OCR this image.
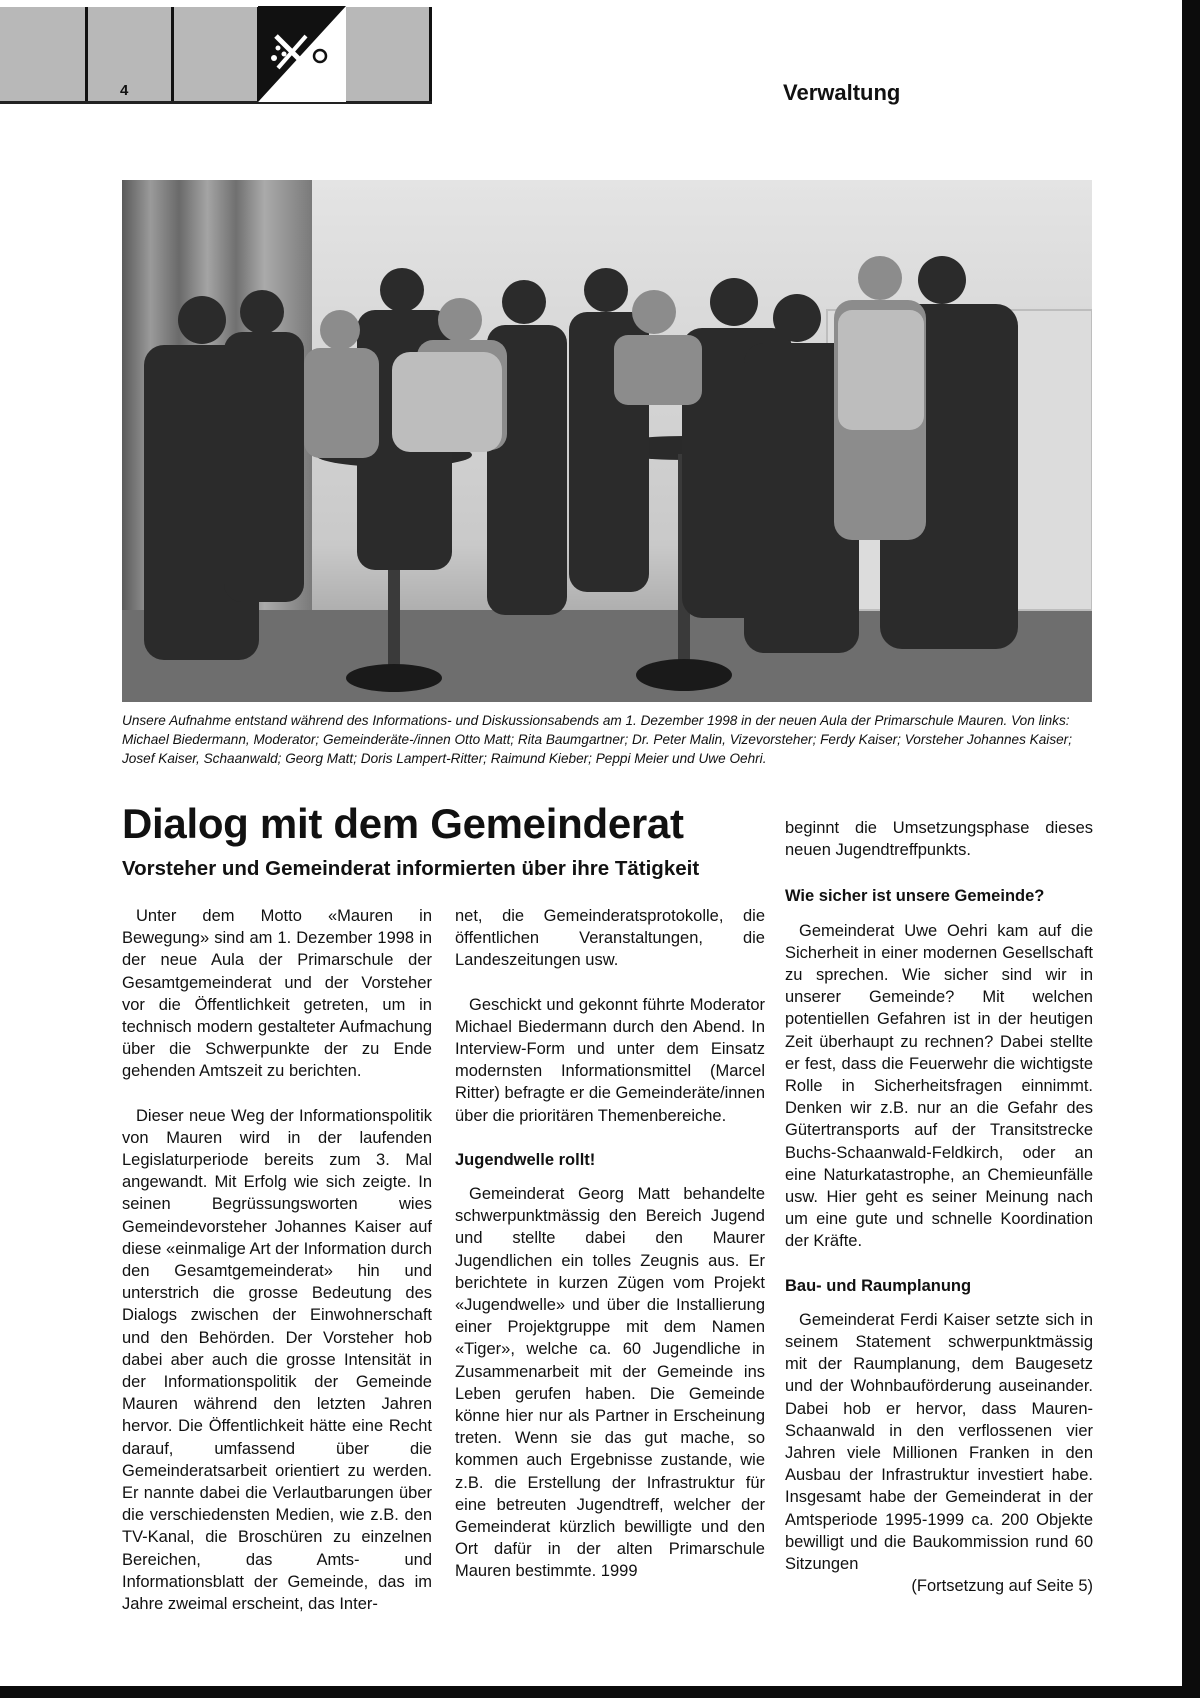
4	Verwaltung

Unsere Aufnahme entstand während des Informations- und Diskussionsabends am 1. Dezember 1998 in der neuen Aula der Primarschule Mauren. Von links: Michael Biedermann, Moderator; Gemeinderäte-/innen Otto Matt; Rita Baumgartner; Dr. Peter Malin, Vizevorsteher; Ferdy Kaiser; Vorsteher Johannes Kaiser; Josef Kaiser, Schaanwald; Georg Matt; Doris Lampert-Ritter; Raimund Kieber; Peppi Meier und Uwe Oehri.

Dialog mit dem Gemeinderat
Vorsteher und Gemeinderat informierten über ihre Tätigkeit

Unter dem Motto «Mauren in Bewegung» sind am 1. Dezember 1998 in der neue Aula der Primarschule der Gesamtgemeinderat und der Vorsteher vor die Öffentlichkeit getreten, um in technisch modern gestalteter Aufmachung über die Schwerpunkte der zu Ende gehenden Amtszeit zu berichten.

Dieser neue Weg der Informationspolitik von Mauren wird in der laufenden Legislaturperiode bereits zum 3. Mal angewandt. Mit Erfolg wie sich zeigte. In seinen Begrüssungsworten wies Gemeindevorsteher Johannes Kaiser auf diese «einmalige Art der Information durch den Gesamtgemeinderat» hin und unterstrich die grosse Bedeutung des Dialogs zwischen der Einwohnerschaft und den Behörden. Der Vorsteher hob dabei aber auch die grosse Intensität in der Informationspolitik der Gemeinde Mauren während den letzten Jahren hervor. Die Öffentlichkeit hätte eine Recht darauf, umfassend über die Gemeinderatsarbeit orientiert zu werden. Er nannte dabei die Verlautbarungen über die verschiedensten Medien, wie z.B. den TV-Kanal, die Broschüren zu einzelnen Bereichen, das Amts- und Informationsblatt der Gemeinde, das im Jahre zweimal erscheint, das Inter-

net, die Gemeinderatsprotokolle, die öffentlichen Veranstaltungen, die Landeszeitungen usw.

Geschickt und gekonnt führte Moderator Michael Biedermann durch den Abend. In Interview-Form und unter dem Einsatz modernsten Informationsmittel (Marcel Ritter) befragte er die Gemeinderäte/innen über die prioritären Themenbereiche.

Jugendwelle rollt!

Gemeinderat Georg Matt behandelte schwerpunktmässig den Bereich Jugend und stellte dabei den Maurer Jugendlichen ein tolles Zeugnis aus. Er berichtete in kurzen Zügen vom Projekt «Jugendwelle» und über die Installierung einer Projektgruppe mit dem Namen «Tiger», welche ca. 60 Jugendliche in Zusammenarbeit mit der Gemeinde ins Leben gerufen haben. Die Gemeinde könne hier nur als Partner in Erscheinung treten. Wenn sie das gut mache, so kommen auch Ergebnisse zustande, wie z.B. die Erstellung der Infrastruktur für eine betreuten Jugendtreff, welcher der Gemeinderat kürzlich bewilligte und den Ort dafür in der alten Primarschule Mauren bestimmte. 1999

beginnt die Umsetzungsphase dieses neuen Jugendtreffpunkts.

Wie sicher ist unsere Gemeinde?

Gemeinderat Uwe Oehri kam auf die Sicherheit in einer modernen Gesellschaft zu sprechen. Wie sicher sind wir in unserer Gemeinde? Mit welchen potentiellen Gefahren ist in der heutigen Zeit überhaupt zu rechnen? Dabei stellte er fest, dass die Feuerwehr die wichtigste Rolle in Sicherheitsfragen einnimmt. Denken wir z.B. nur an die Gefahr des Gütertransports auf der Transitstrecke Buchs-Schaanwald-Feldkirch, oder an eine Naturkatastrophe, an Chemieunfälle usw. Hier geht es seiner Meinung nach um eine gute und schnelle Koordination der Kräfte.

Bau- und Raumplanung

Gemeinderat Ferdi Kaiser setzte sich in seinem Statement schwerpunktmässig mit der Raumplanung, dem Baugesetz und der Wohnbauförderung auseinander. Dabei hob er hervor, dass Mauren-Schaanwald in den verflossenen vier Jahren viele Millionen Franken in den Ausbau der Infrastruktur investiert habe. Insgesamt habe der Gemeinderat in der Amtsperiode 1995-1999 ca. 200 Objekte bewilligt und die Baukommission rund 60 Sitzungen

(Fortsetzung auf Seite 5)
